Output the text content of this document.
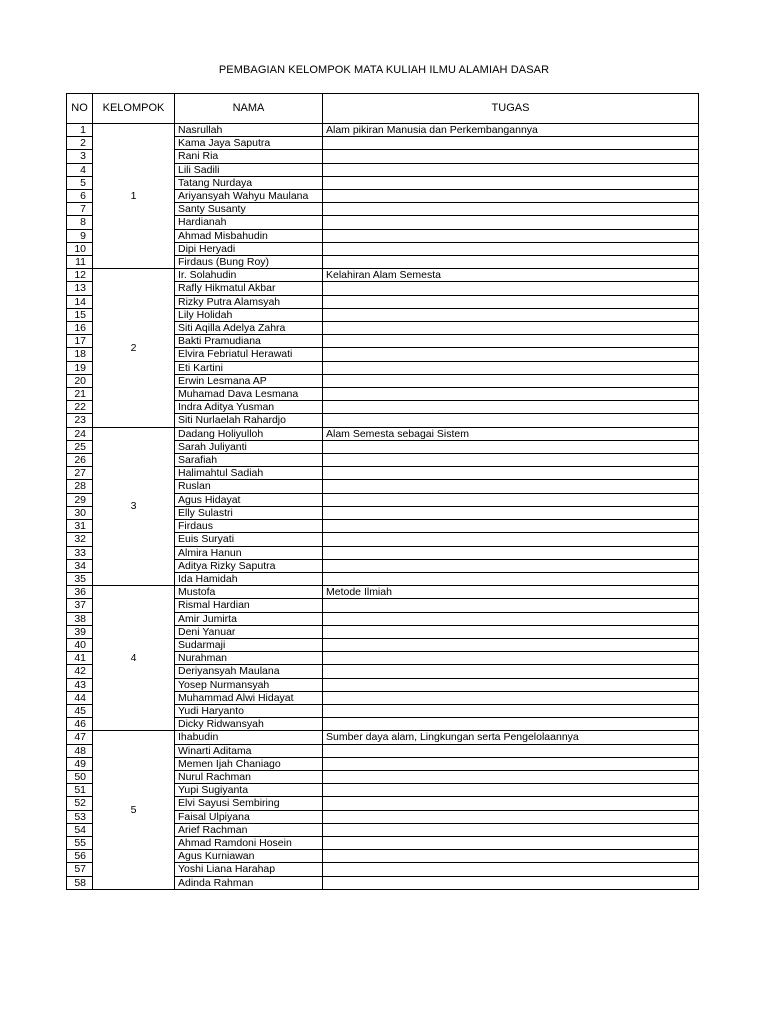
PEMBAGIAN KELOMPOK MATA KULIAH ILMU ALAMIAH DASAR
NO	KELOMPOK	NAMA	TUGAS
1	1	Nasrullah	Alam pikiran Manusia dan Perkembangannya
2		Kama Jaya Saputra	
3		Rani Ria	
4		Lili Sadili	
5		Tatang Nurdaya	
6		Ariyansyah Wahyu Maulana	
7		Santy Susanty	
8		Hardianah	
9		Ahmad Misbahudin	
10		Dipi Heryadi	
11		Firdaus (Bung Roy)	
12	2	Ir. Solahudin	Kelahiran Alam Semesta
13		Rafly Hikmatul Akbar	
14		Rizky Putra Alamsyah	
15		Lily Holidah	
16		Siti Aqilla Adelya Zahra	
17		Bakti Pramudiana	
18		Elvira Febriatul Herawati	
19		Eti Kartini	
20		Erwin Lesmana AP	
21		Muhamad Dava Lesmana	
22		Indra Aditya Yusman	
23		Siti Nurlaelah Rahardjo	
24	3	Dadang Holiyulloh	Alam Semesta sebagai Sistem
25		Sarah Juliyanti	
26		Sarafiah	
27		Halimahtul Sadiah	
28		Ruslan	
29		Agus Hidayat	
30		Elly Sulastri	
31		Firdaus	
32		Euis Suryati	
33		Almira Hanun	
34		Aditya Rizky Saputra	
35		Ida Hamidah	
36	4	Mustofa	Metode Ilmiah
37		Rismal Hardian	
38		Amir Jumirta	
39		Deni Yanuar	
40		Sudarmaji	
41		Nurahman	
42		Deriyansyah Maulana	
43		Yosep Nurmansyah	
44		Muhammad Alwi Hidayat	
45		Yudi Haryanto	
46		Dicky Ridwansyah	
47	5	Ihabudin	Sumber daya alam, Lingkungan serta Pengelolaannya
48		Winarti Aditama	
49		Memen Ijah Chaniago	
50		Nurul Rachman	
51		Yupi Sugiyanta	
52		Elvi Sayusi Sembiring	
53		Faisal Ulpiyana	
54		Arief Rachman	
55		Ahmad Ramdoni Hosein	
56		Agus Kurniawan	
57		Yoshi Liana Harahap	
58		Adinda Rahman	
